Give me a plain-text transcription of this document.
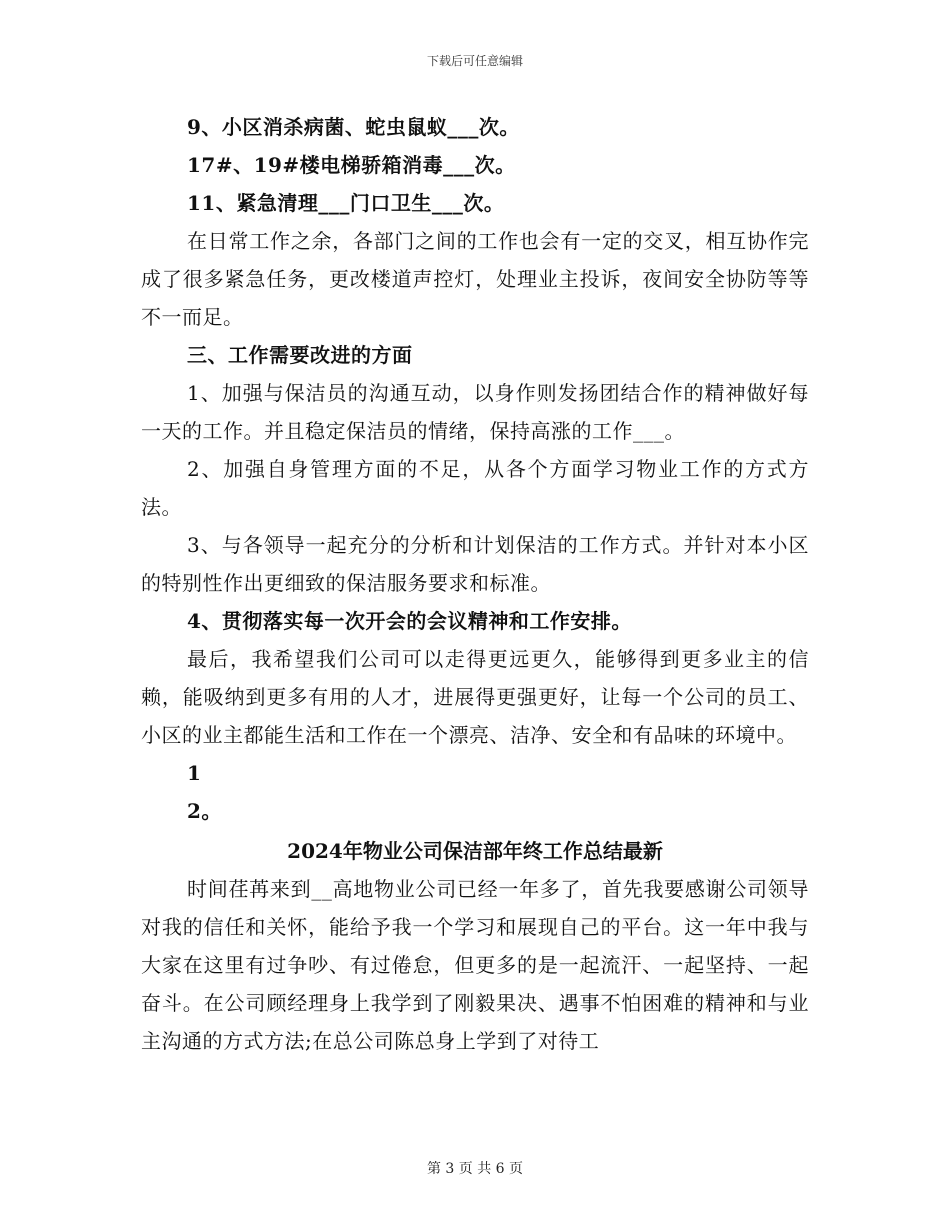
下载后可任意编辑

9、小区消杀病菌、蛇虫鼠蚁___次。

17#、19#楼电梯骄箱消毒___次。

11、紧急清理___门口卫生___次。

在日常工作之余，各部门之间的工作也会有一定的交叉，相互协作完成了很多紧急任务，更改楼道声控灯，处理业主投诉，夜间安全协防等等不一而足。

三、工作需要改进的方面

1、加强与保洁员的沟通互动，以身作则发扬团结合作的精神做好每一天的工作。并且稳定保洁员的情绪，保持高涨的工作___。

2、加强自身管理方面的不足，从各个方面学习物业工作的方式方法。

3、与各领导一起充分的分析和计划保洁的工作方式。并针对本小区的特别性作出更细致的保洁服务要求和标准。

4、贯彻落实每一次开会的会议精神和工作安排。

最后，我希望我们公司可以走得更远更久，能够得到更多业主的信赖，能吸纳到更多有用的人才，进展得更强更好，让每一个公司的员工、小区的业主都能生活和工作在一个漂亮、洁净、安全和有品味的环境中。

1

2。

2024年物业公司保洁部年终工作总结最新

时间荏苒来到__高地物业公司已经一年多了，首先我要感谢公司领导对我的信任和关怀，能给予我一个学习和展现自己的平台。这一年中我与大家在这里有过争吵、有过倦怠，但更多的是一起流汗、一起坚持、一起奋斗。在公司顾经理身上我学到了刚毅果决、遇事不怕困难的精神和与业主沟通的方式方法;在总公司陈总身上学到了对待工

第 3 页 共 6 页
